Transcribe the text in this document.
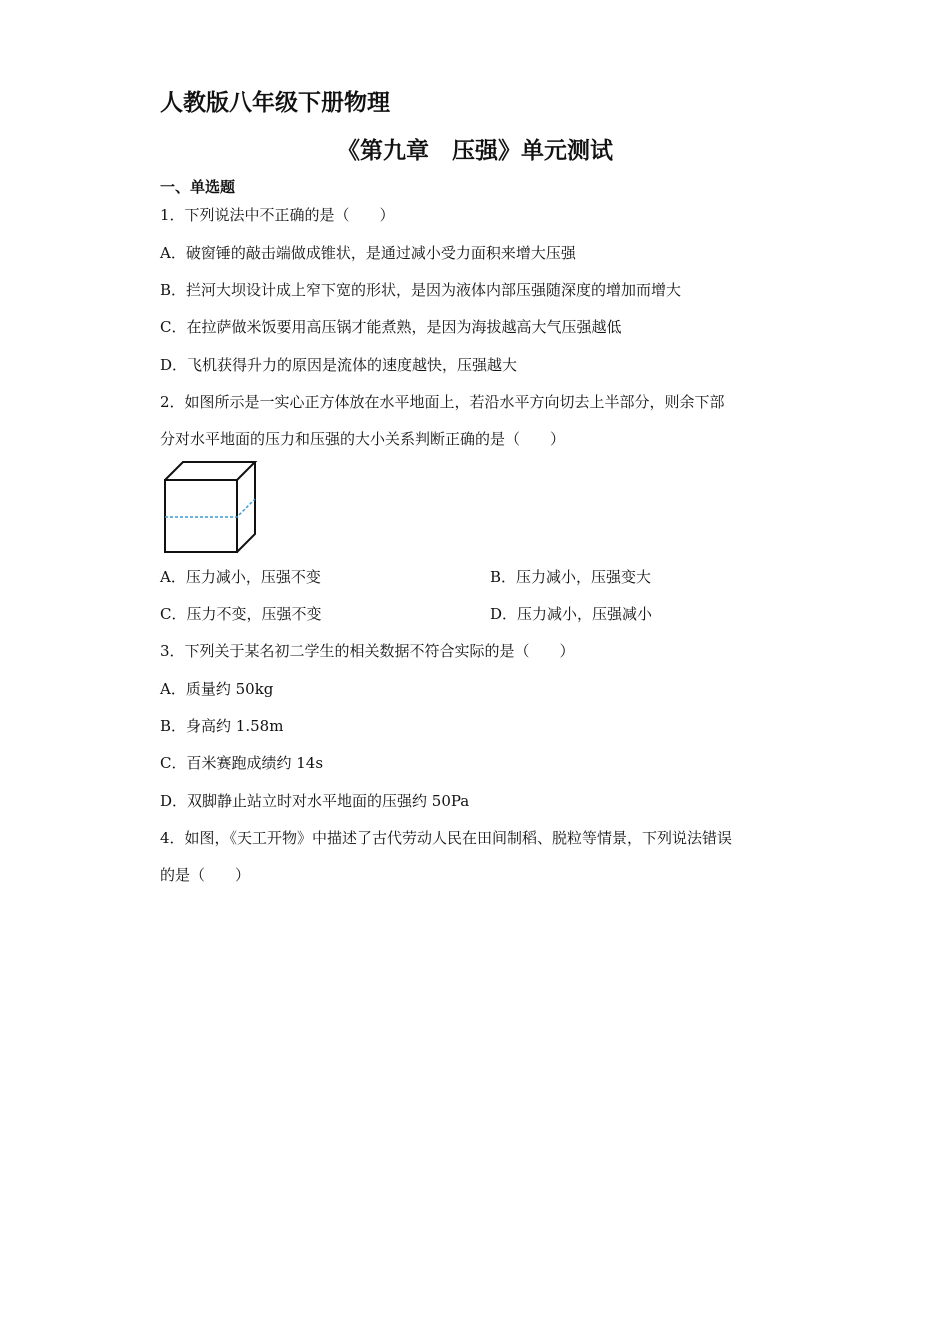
人教版八年级下册物理
《第九章　压强》单元测试
一、单选题
1．下列说法中不正确的是（　　）
A．破窗锤的敲击端做成锥状，是通过减小受力面积来增大压强
B．拦河大坝设计成上窄下宽的形状，是因为液体内部压强随深度的增加而增大
C．在拉萨做米饭要用高压锅才能煮熟，是因为海拔越高大气压强越低
D．飞机获得升力的原因是流体的速度越快，压强越大
2．如图所示是一实心正方体放在水平地面上，若沿水平方向切去上半部分，则余下部
分对水平地面的压力和压强的大小关系判断正确的是（　　）
A．压力减小，压强不变	B．压力减小，压强变大
C．压力不变，压强不变	D．压力减小，压强减小
3．下列关于某名初二学生的相关数据不符合实际的是（　　）
A．质量约 50kg
B．身高约 1.58m
C．百米赛跑成绩约 14s
D．双脚静止站立时对水平地面的压强约 50Pa
4．如图，《天工开物》中描述了古代劳动人民在田间制稻、脱粒等情景，下列说法错误
的是（　　）
